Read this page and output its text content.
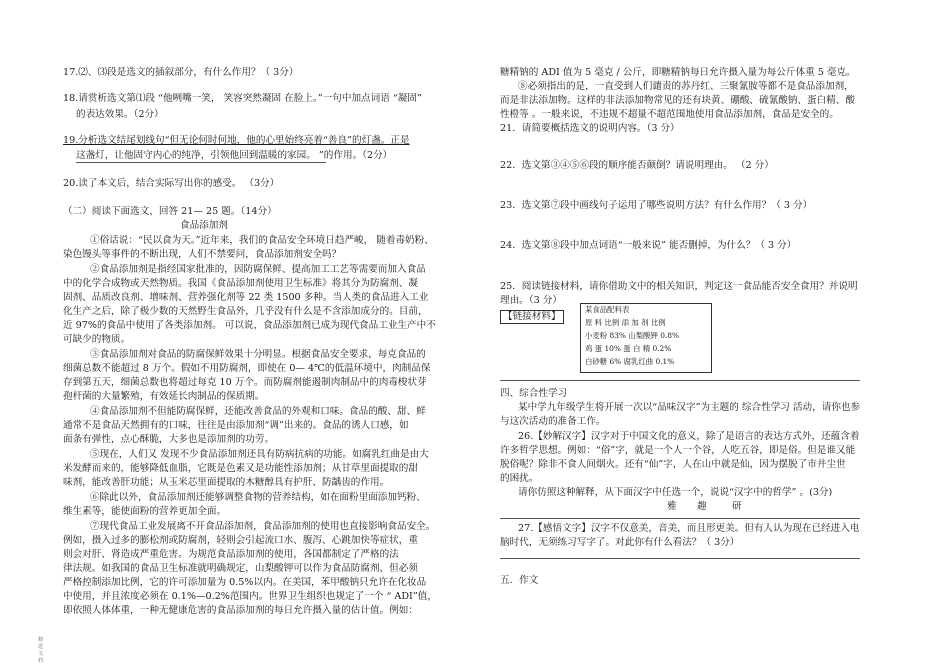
17.⑵、⑶段是选文的插叙部分，有什么作用？（ 3分）
18.请赏析选文第⑴段 “他咧嘴一笑， 笑容突然凝固 在脸上。”一句中加点词语 “凝固”
的表达效果。（2分）
19.分析选文结尾划线句“但无论何时何地，他的心里始终亮着“善良”的灯盏。正是
这盏灯，让他固守内心的纯净，引领他回到温暖的家园。 ”的作用。（2分）
20.读了本文后，结合实际写出你的感受。 （3分）
（二）阅读下面选文，回答 21— 25 题。（14分）
食品添加剂
①俗话说：“民以食为天。”近年来，我们的食品安全环境日趋严峻， 随着毒奶粉、
染色馒头等事件的不断出现，人们不禁要问，食品添加剂安全吗？
②食品添加剂是指经国家批准的，因防腐保鲜、提高加工工艺等需要而加入食品
中的化学合成物或天然物质。我国《食品添加剂使用卫生标准》将其分为防腐剂、凝
固剂、品质改良剂、增味剂、营养强化剂等 22 类 1500 多种。当人类的食品进入工业
化生产之后，除了极少数的天然野生食品外，几乎没有什么是不含添加成分的。目前，
近 97%的食品中使用了各类添加剂。 可以说，食品添加剂已成为现代食品工业生产中不
可缺少的物质。
③食品添加剂对食品的防腐保鲜效果十分明显。根据食品安全要求，每克食品的
细菌总数不能超过 8 万个。假如不用防腐剂，即使在 0— 4℃的低温环境中，肉制品保
存到第五天，细菌总数也将超过每克 10 万个。而防腐剂能遏制肉制品中的肉毒梭状芽
孢杆菌的大量繁殖，有效延长肉制品的保质期。
④食品添加剂不但能防腐保鲜，还能改善食品的外观和口味。食品的酸、甜、鲜
通常不是食品天然拥有的口味，往往是由添加剂“调”出来的。食品的诱人口感，如
面条有弹性，点心酥脆，大多也是添加剂的功劳。
⑤现在，人们又 发现不少食品添加剂还具有防病抗病的功能。如腐乳红曲是由大
米发酵而来的，能够降低血脂，它既是色素又是功能性添加剂；从甘草里面提取的甜
味剂，能改善肝功能；从玉米芯里面提取的木糖醇具有护肝、防龋齿的作用。
⑥除此以外，食品添加剂还能够调整食物的营养结构，如在面粉里面添加钙粉、
维生素等，能使面粉的营养更加全面。
⑦现代食品工业发展离不开食品添加剂，食品添加剂的使用也直接影响食品安全。
例如，摄入过多的膨松剂或防腐剂，轻则会引起流口水、腹泻、心跳加快等症状，重
则会对肝、肾造成严重危害。为规范食品添加剂的使用，各国都制定了严格的法
律法规。如我国的食品卫生标准就明确规定，山梨酸钾可以作为食品防腐剂，但必须
严格控制添加比例，它的许可添加量为 0.5%以内。在美国，苯甲酸钠只允许在化妆品
中使用，并且浓度必须在 0.1%—0.2%范围内。世界卫生组织也规定了一个 “ ADI”值，
即依照人体体重，一种无健康危害的食品添加剂的每日允许摄入量的估计值。例如：
精选文档
糖精钠的 ADI 值为 5 毫克 / 公斤，即糖精钠每日允许摄入量为每公斤体重 5 毫克。
⑧必须指出的是，一直受到人们谴责的苏丹红、三聚氰胺等都不是食品添加剂，
而是非法添加物。这样的非法添加物常见的还有块黄、硼酸、硫氰酸钠、蛋白精、酸
性橙等 。一般来说，不违规不超量不超范围地使用食品添加剂，食品是安全的。
21．请简要概括选文的说明内容。（3 分）
22．选文第③④⑤⑥段的顺序能否颠倒？请说明理由。 （2 分）
23．选文第⑦段中画线句子运用了哪些说明方法？有什么作用？（ 3 分）
24．选文第⑧段中加点词语“一般来说” 能否删掉，为什么？（ 3 分）
25．阅读链接材料，请你借助文中的相关知识，判定这一食品能否安全食用？并说明
理由。（3 分）
【链接材料】
某食品配料表
原 料 比例 添 加 剂 比例
小麦粉 83% 山梨酸钾 0.8%
鸡 蛋 10% 蛋 白 精 0.2%
白砂糖 6% 腐乳红曲 0.1%
四、综合性学习
某中学九年级学生将开展一次以“品味汉字”为主题的 综合性学习 活动，请你也参
与这次活动的准备工作。
26.【妙解汉字】汉字对于中国文化的意义，除了是语言的表达方式外，还蕴含着
许多哲学思想。例如：“俗”字，就是一个人一个谷，人吃五谷，即是俗。但是谁又能
脱俗呢？除非不食人间烟火。还有“仙”字，人在山中就是仙，因为摆脱了市井尘世
的困扰。
请你仿照这种解释，从下面汉字中任选一个，说说“汉字中的哲学” 。(3分)
雅 趣	研
27.【感悟文字】汉字不仅意美，音美，而且形更美。但有人认为现在已经进入电
脑时代，无须练习写字了。对此你有什么看法？（ 3分）
五．作文
